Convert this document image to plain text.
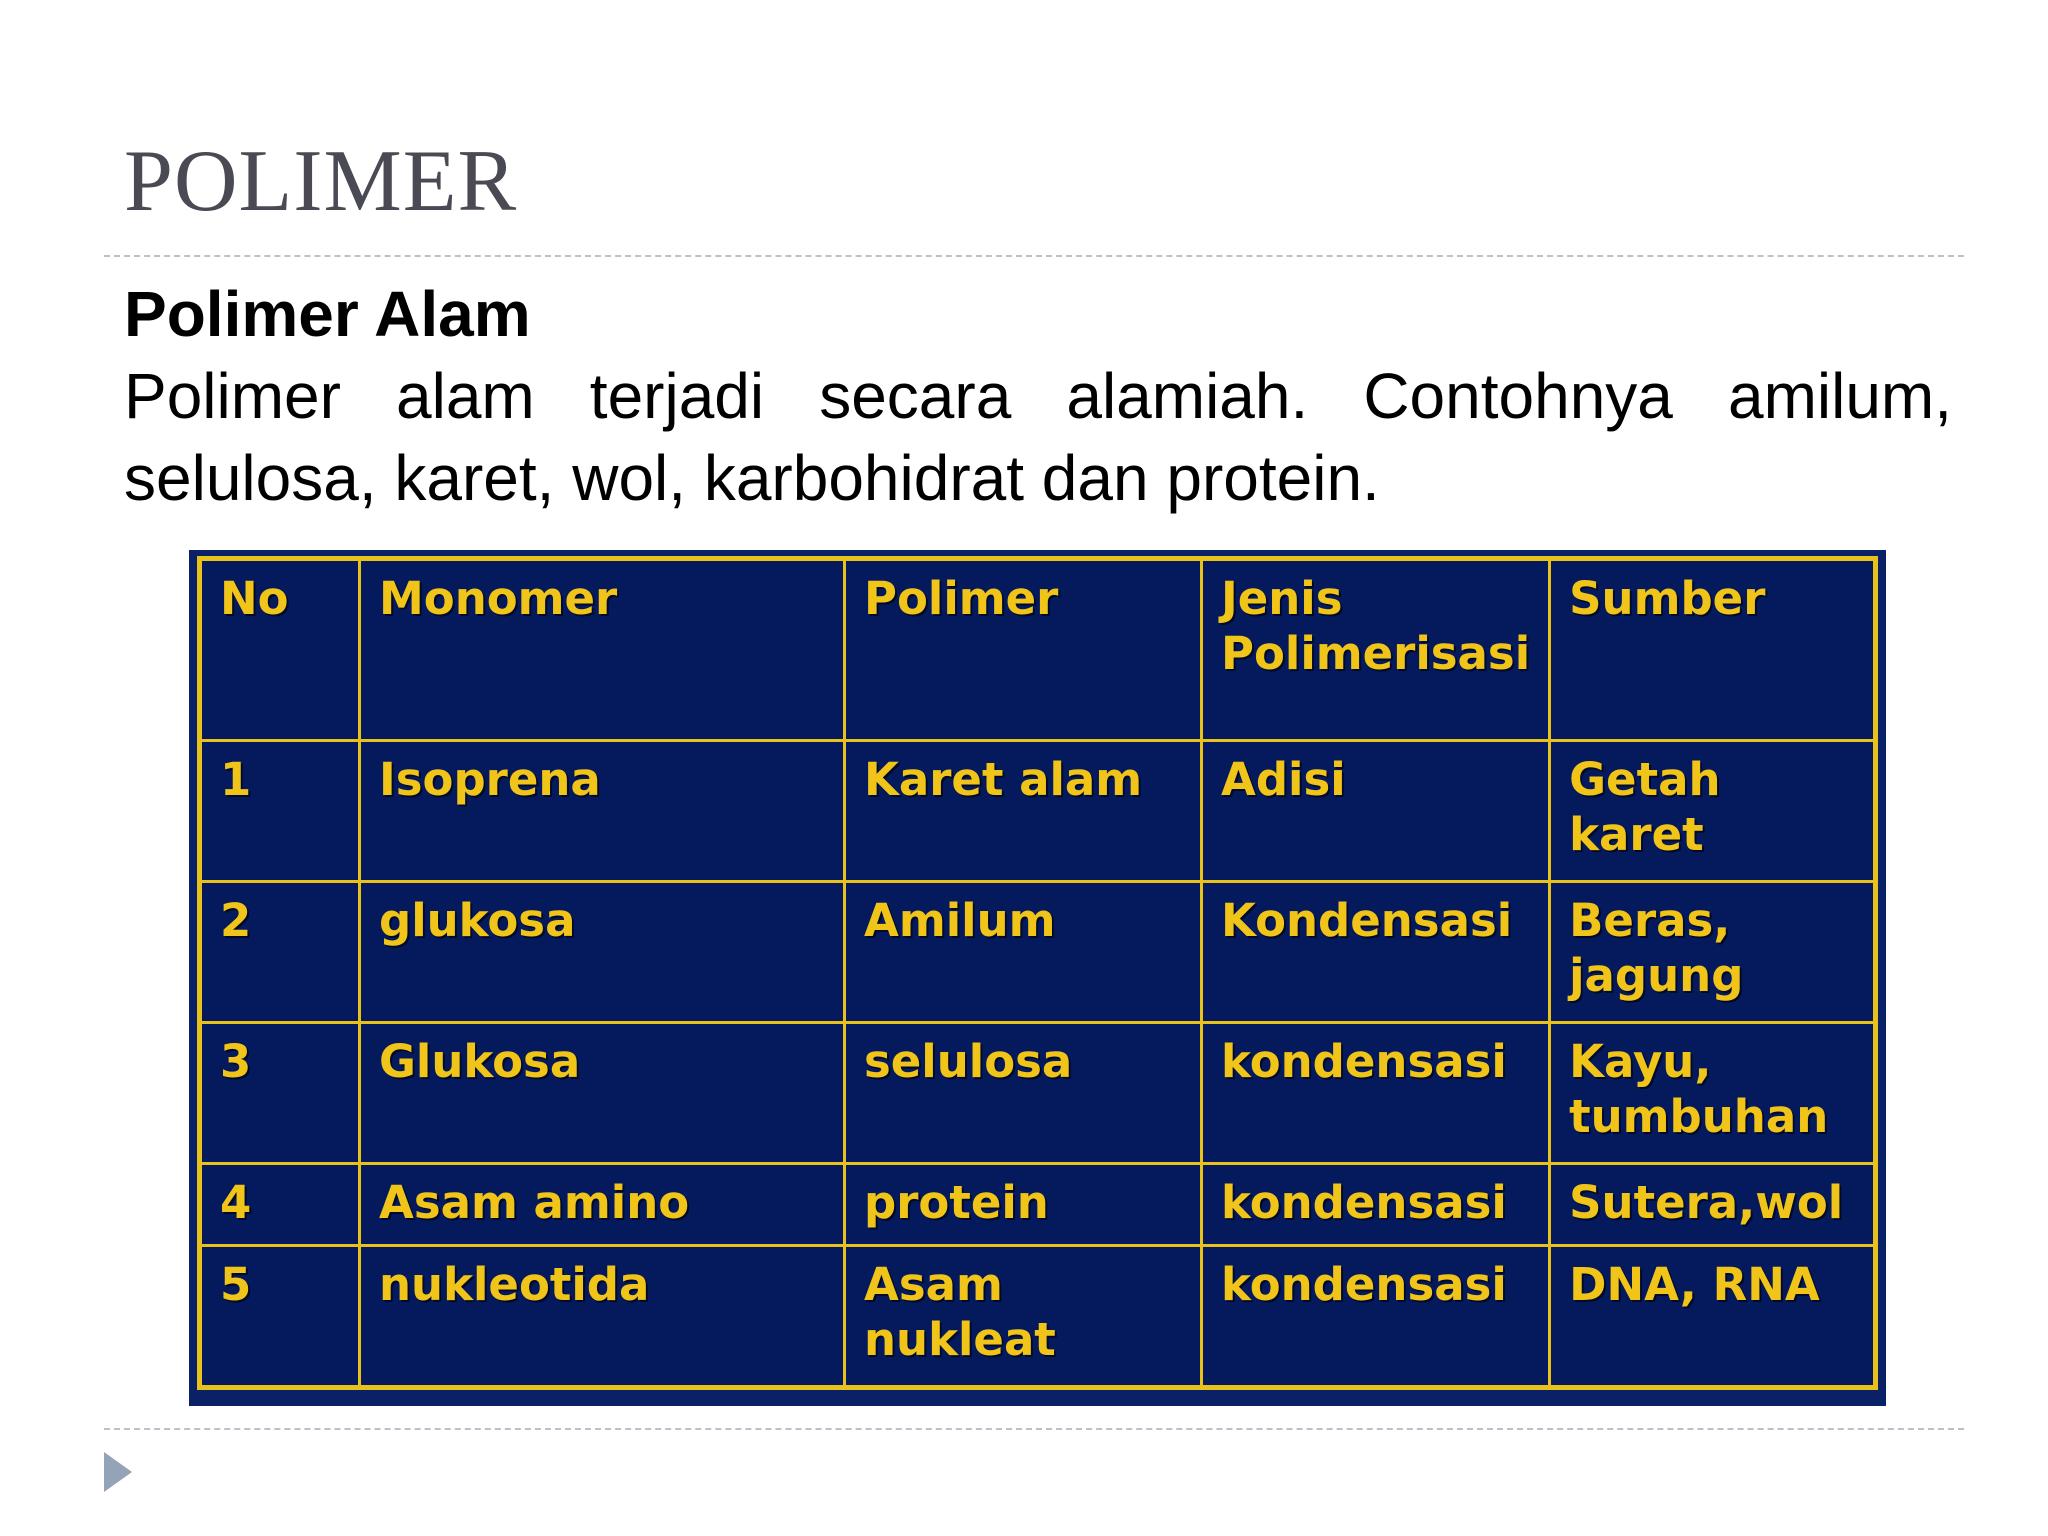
POLIMER
Polimer Alam
Polimer alam terjadi secara alamiah. Contohnya amilum, selulosa, karet, wol, karbohidrat dan protein.
No	Monomer	Polimer	Jenis Polimerisasi	Sumber
1	Isoprena	Karet alam	Adisi	Getah karet
2	glukosa	Amilum	Kondensasi	Beras, jagung
3	Glukosa	selulosa	kondensasi	Kayu, tumbuhan
4	Asam amino	protein	kondensasi	Sutera,wol
5	nukleotida	Asam nukleat	kondensasi	DNA, RNA
